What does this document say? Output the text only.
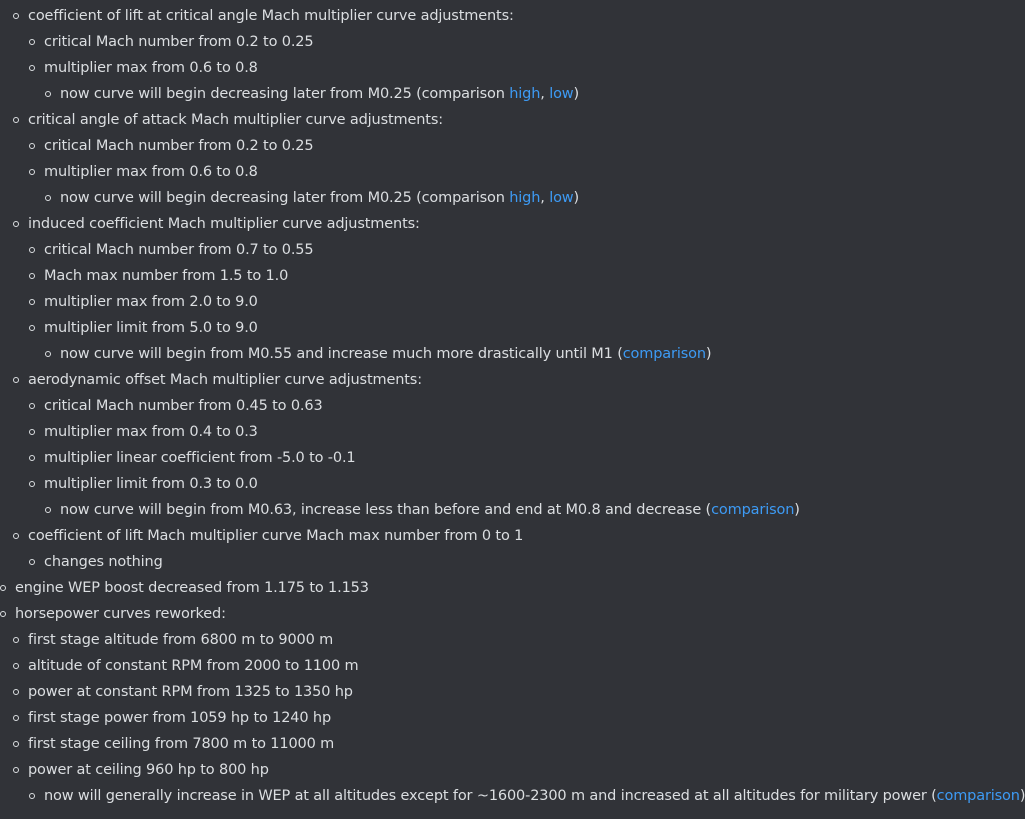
coefficient of lift at critical angle Mach multiplier curve adjustments:
critical Mach number from 0.2 to 0.25
multiplier max from 0.6 to 0.8
now curve will begin decreasing later from M0.25 (comparison high, low)
critical angle of attack Mach multiplier curve adjustments:
critical Mach number from 0.2 to 0.25
multiplier max from 0.6 to 0.8
now curve will begin decreasing later from M0.25 (comparison high, low)
induced coefficient Mach multiplier curve adjustments:
critical Mach number from 0.7 to 0.55
Mach max number from 1.5 to 1.0
multiplier max from 2.0 to 9.0
multiplier limit from 5.0 to 9.0
now curve will begin from M0.55 and increase much more drastically until M1 (comparison)
aerodynamic offset Mach multiplier curve adjustments:
critical Mach number from 0.45 to 0.63
multiplier max from 0.4 to 0.3
multiplier linear coefficient from -5.0 to -0.1
multiplier limit from 0.3 to 0.0
now curve will begin from M0.63, increase less than before and end at M0.8 and decrease (comparison)
coefficient of lift Mach multiplier curve Mach max number from 0 to 1
changes nothing
engine WEP boost decreased from 1.175 to 1.153
horsepower curves reworked:
first stage altitude from 6800 m to 9000 m
altitude of constant RPM from 2000 to 1100 m
power at constant RPM from 1325 to 1350 hp
first stage power from 1059 hp to 1240 hp
first stage ceiling from 7800 m to 11000 m
power at ceiling 960 hp to 800 hp
now will generally increase in WEP at all altitudes except for ~1600-2300 m and increased at all altitudes for military power (comparison)
